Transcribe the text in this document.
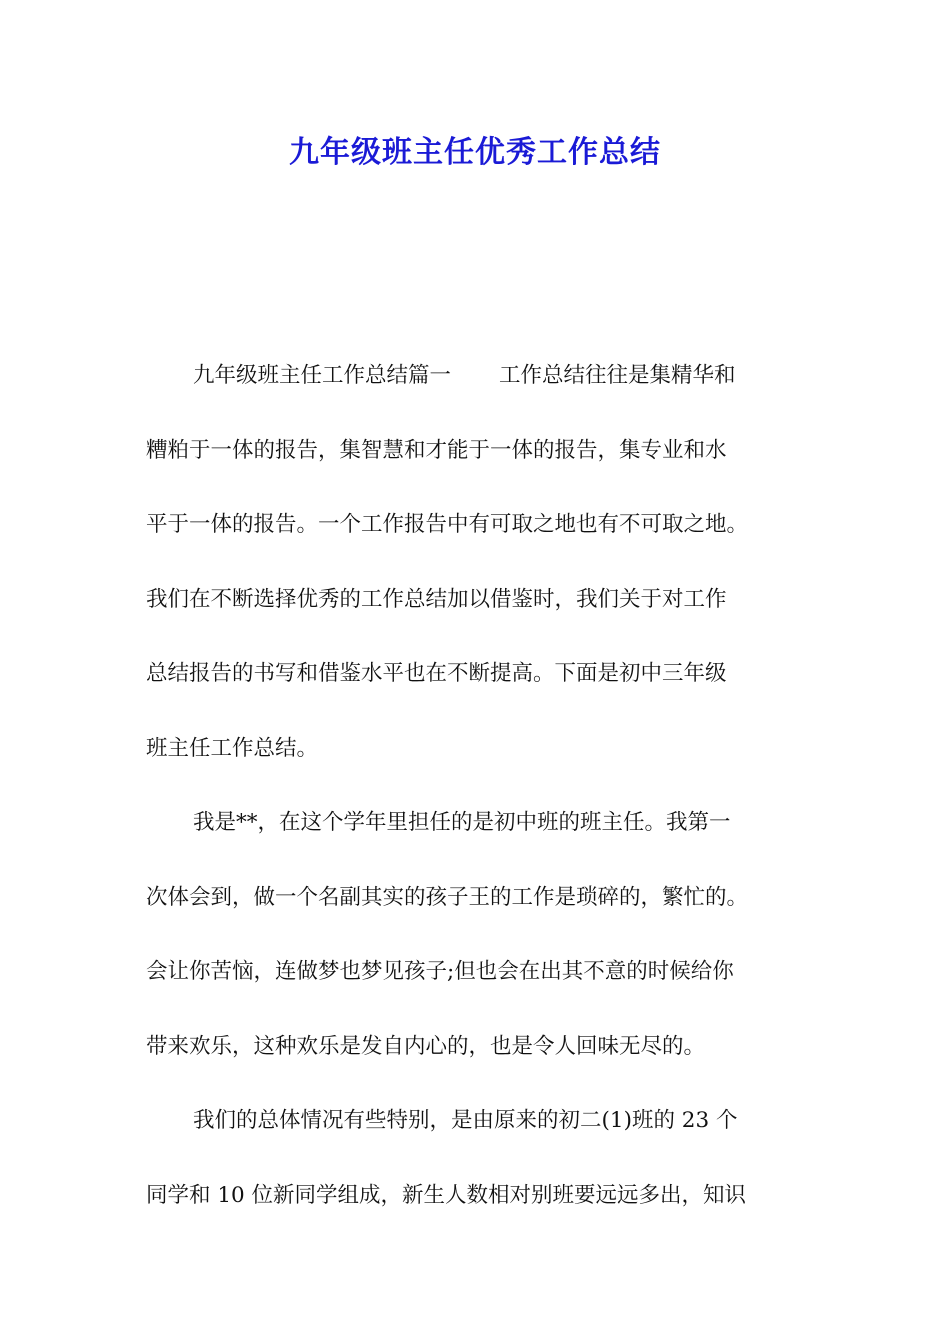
九年级班主任优秀工作总结
九年级班主任工作总结篇一 工作总结往往是集精华和
糟粕于一体的报告，集智慧和才能于一体的报告，集专业和水
平于一体的报告。一个工作报告中有可取之地也有不可取之地。
我们在不断选择优秀的工作总结加以借鉴时，我们关于对工作
总结报告的书写和借鉴水平也在不断提高。下面是初中三年级
班主任工作总结。
我是**，在这个学年里担任的是初中班的班主任。我第一
次体会到，做一个名副其实的孩子王的工作是琐碎的，繁忙的。
会让你苦恼，连做梦也梦见孩子;但也会在出其不意的时候给你
带来欢乐，这种欢乐是发自内心的，也是令人回味无尽的。
我们的总体情况有些特别，是由原来的初二(1)班的 23 个
同学和 10 位新同学组成，新生人数相对别班要远远多出，知识
